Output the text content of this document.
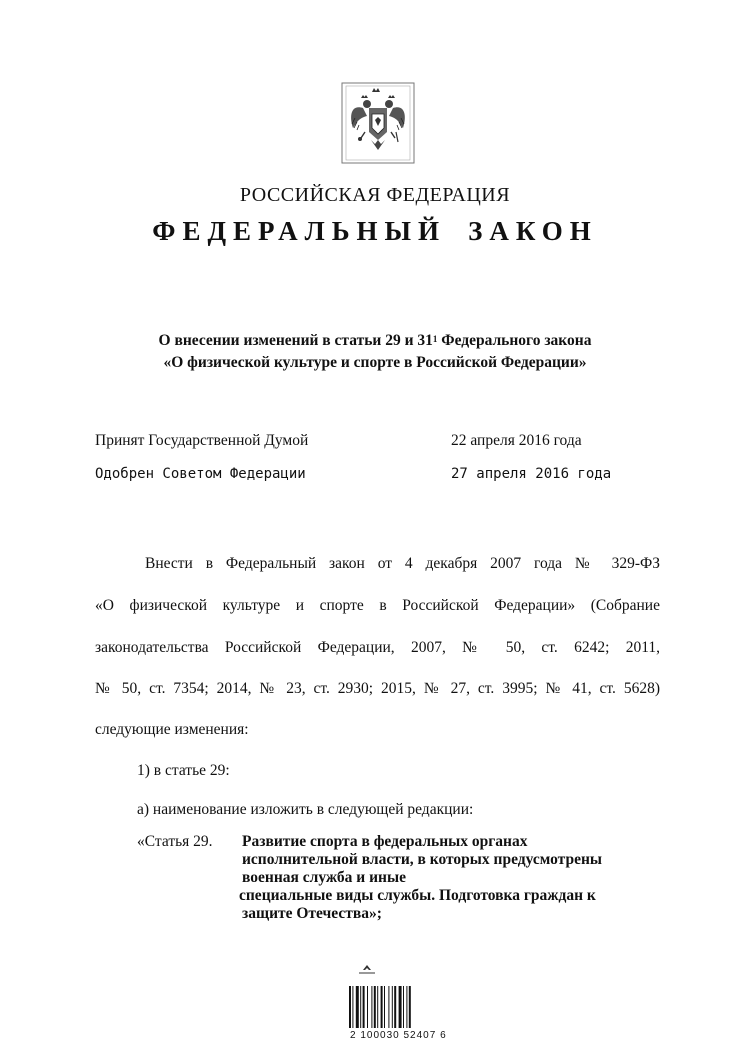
РОССИЙСКАЯ ФЕДЕРАЦИЯ
ФЕДЕРАЛЬНЫЙ ЗАКОН
О внесении изменений в статьи 29 и $31^1$ Федерального закона
«О физической культуре и спорте в Российской Федерации»
Принят Государственной Думой	22 апреля 2016 года
Одобрен Советом Федерации	27 апреля 2016 года
Внести в Федеральный закон от 4 декабря 2007 года № 329-ФЗ
«О физической культуре и спорте в Российской Федерации» (Собрание
законодательства Российской Федерации, 2007, № 50, ст. 6242; 2011,
№ 50, ст. 7354; 2014, № 23, ст. 2930; 2015, № 27, ст. 3995; № 41, ст. 5628)
следующие изменения:
1) в статье 29:
а) наименование изложить в следующей редакции:
«Статья 29. Развитие спорта в федеральных органах
исполнительной власти, в которых предусмотрены
военная служба и иные
специальные виды службы. Подготовка граждан к
защите Отечества»;
2 100030 52407 6
